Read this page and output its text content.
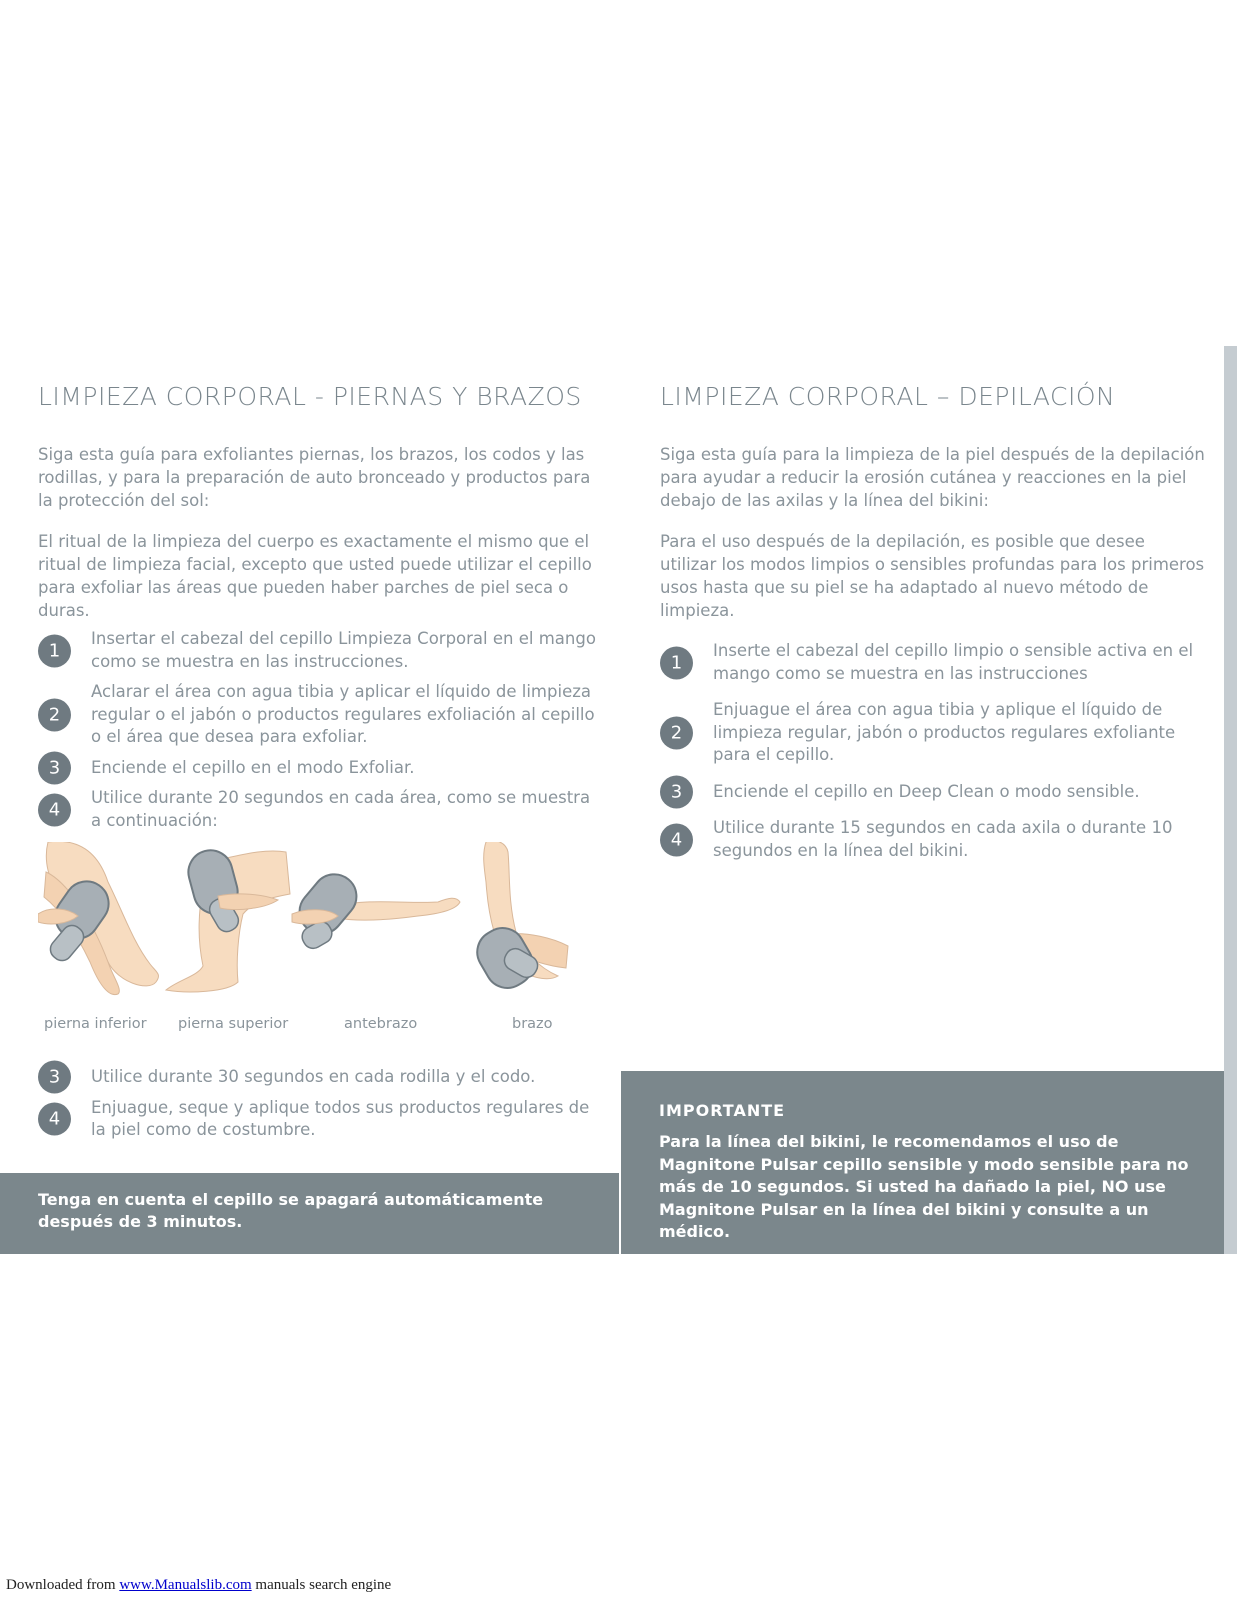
LIMPIEZA CORPORAL - PIERNAS Y BRAZOS

Siga esta guía para exfoliantes piernas, los brazos, los codos y las rodillas, y para la preparación de auto bronceado y productos para la protección del sol:

El ritual de la limpieza del cuerpo es exactamente el mismo que el ritual de limpieza facial, excepto que usted puede utilizar el cepillo para exfoliar las áreas que pueden haber parches de piel seca o duras.

1
Insertar el cabezal del cepillo Limpieza Corporal en el mango como se muestra en las instrucciones.
2
Aclarar el área con agua tibia y aplicar el líquido de limpieza regular o el jabón o productos regulares exfoliación al cepillo o el área que desea para exfoliar.
3	Enciende el cepillo en el modo Exfoliar.
4
Utilice durante 20 segundos en cada área, como se muestra a continuación:
pierna inferior pierna superior	antebrazo	brazo
3	Utilice durante 30 segundos en cada rodilla y el codo.
4
Enjuague, seque y aplique todos sus productos regulares de la piel como de costumbre.
Tenga en cuenta el cepillo se apagará automáticamente después de 3 minutos.
LIMPIEZA CORPORAL – DEPILACIÓN

Siga esta guía para la limpieza de la piel después de la depilación para ayudar a reducir la erosión cutánea y reacciones en la piel debajo de las axilas y la línea del bikini:

Para el uso después de la depilación, es posible que desee utilizar los modos limpios o sensibles profundas para los primeros usos hasta que su piel se ha adaptado al nuevo método de limpieza.

1
Inserte el cabezal del cepillo limpio o sensible activa en el mango como se muestra en las instrucciones
2
Enjuague el área con agua tibia y aplique el líquido de limpieza regular, jabón o productos regulares exfoliante para el cepillo.
3	Enciende el cepillo en Deep Clean o modo sensible.
4
Utilice durante 15 segundos en cada axila o durante 10 segundos en la línea del bikini.
IMPORTANTE
Para la línea del bikini, le recomendamos el uso de Magnitone Pulsar cepillo sensible y modo sensible para no más de 10 segundos. Si usted ha dañado la piel, NO use Magnitone Pulsar en la línea del bikini y consulte a un médico.
Downloaded from www.Manualslib.com manuals search engine
